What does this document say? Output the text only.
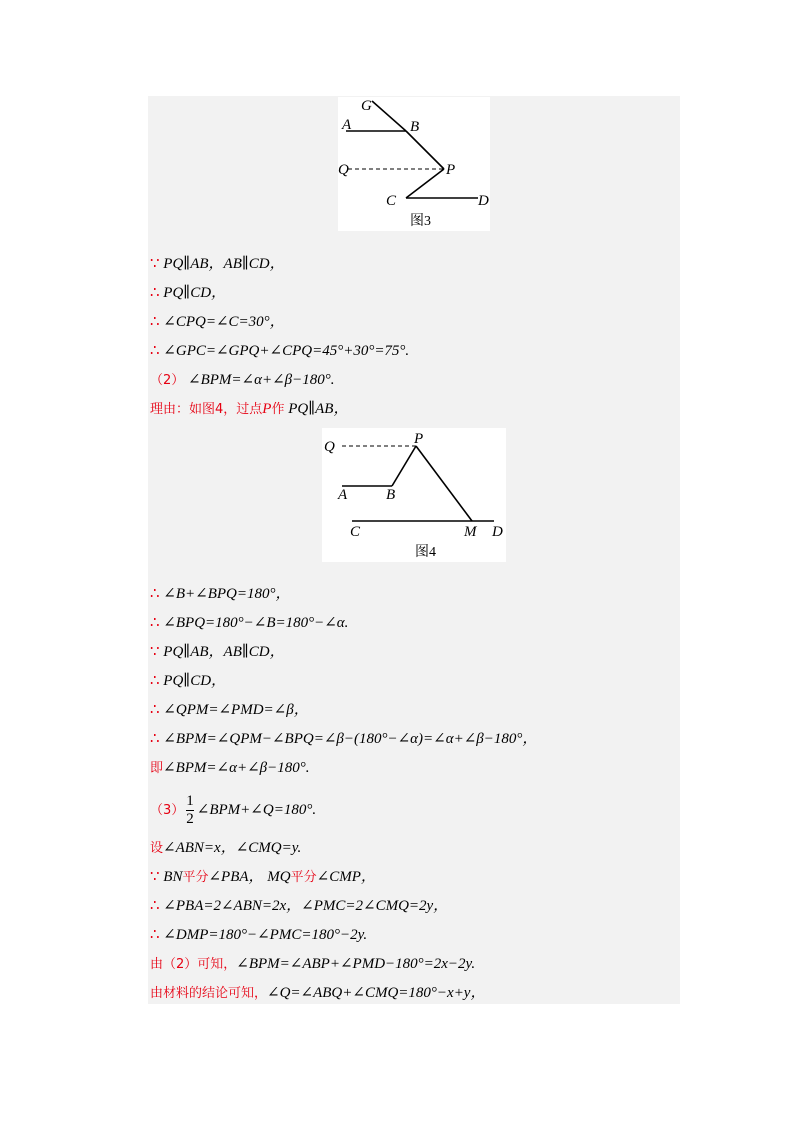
G
A	B
Q	P
C	D
图3
Q	P
A	B
C	M D
图4
∵ PQ∥AB，AB∥CD，
∴ PQ∥CD，
∴ ∠CPQ=∠C=30°，
∴ ∠GPC=∠GPQ+∠CPQ=45°+30°=75°.
（2） ∠BPM=∠α+∠β−180°.
理由：如图4，过点P作 PQ∥AB，
∴ ∠B+∠BPQ=180°，
∴ ∠BPQ=180°−∠B=180°−∠α.
∵ PQ∥AB，AB∥CD，
∴ PQ∥CD，
∴ ∠QPM=∠PMD=∠β，
∴ ∠BPM=∠QPM−∠BPQ=∠β−(180°−∠α)=∠α+∠β−180°，
即∠BPM=∠α+∠β−180°.
$(3) \frac{1}{2}$ ∠BPM+∠Q=180°.
设∠ABN=x，∠CMQ=y.
∵ BN平分∠PBA， MQ平分∠CMP，
∴ ∠PBA=2∠ABN=2x，∠PMC=2∠CMQ=2y，
∴ ∠DMP=180°−∠PMC=180°−2y.
由（2）可知，∠BPM=∠ABP+∠PMD−180°=2x−2y.
由材料的结论可知，∠Q=∠ABQ+∠CMQ=180°−x+y，
